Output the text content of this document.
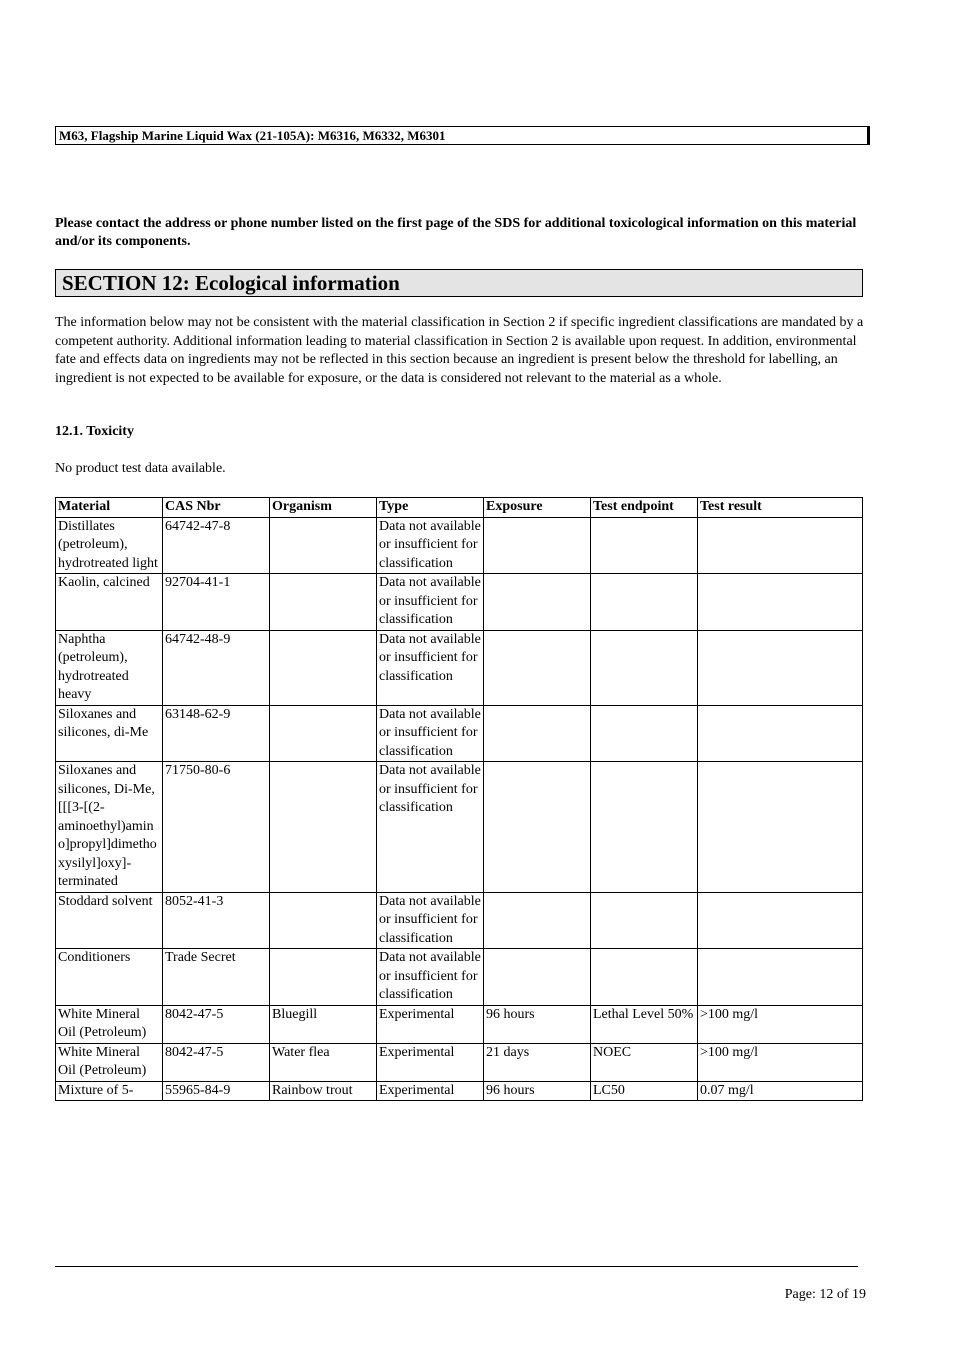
M63, Flagship Marine Liquid Wax (21-105A): M6316, M6332, M6301
Please contact the address or phone number listed on the first page of the SDS for additional toxicological information on this material and/or its components.
SECTION 12: Ecological information
The information below may not be consistent with the material classification in Section 2 if specific ingredient classifications are mandated by a competent authority. Additional information leading to material classification in Section 2 is available upon request. In addition, environmental fate and effects data on ingredients may not be reflected in this section because an ingredient is present below the threshold for labelling, an ingredient is not expected to be available for exposure, or the data is considered not relevant to the material as a whole.
12.1. Toxicity
No product test data available.
Material	CAS Nbr	Organism	Type	Exposure	Test endpoint	Test result
Distillates (petroleum), hydrotreated light	64742-47-8		Data not available or insufficient for classification			
Kaolin, calcined	92704-41-1		Data not available or insufficient for classification			
Naphtha (petroleum), hydrotreated heavy	64742-48-9		Data not available or insufficient for classification			
Siloxanes and silicones, di-Me	63148-62-9		Data not available or insufficient for classification			
Siloxanes and silicones, Di-Me, [[[3-[(2-aminoethyl)amino]propyl]dimethoxysilyl]oxy]-terminated	71750-80-6		Data not available or insufficient for classification			
Stoddard solvent	8052-41-3		Data not available or insufficient for classification			
Conditioners	Trade Secret		Data not available or insufficient for classification			
White Mineral Oil (Petroleum)	8042-47-5	Bluegill	Experimental	96 hours	Lethal Level 50%	>100 mg/l
White Mineral Oil (Petroleum)	8042-47-5	Water flea	Experimental	21 days	NOEC	>100 mg/l
Mixture of 5-	55965-84-9	Rainbow trout	Experimental	96 hours	LC50	0.07 mg/l
Page: 12 of 19
